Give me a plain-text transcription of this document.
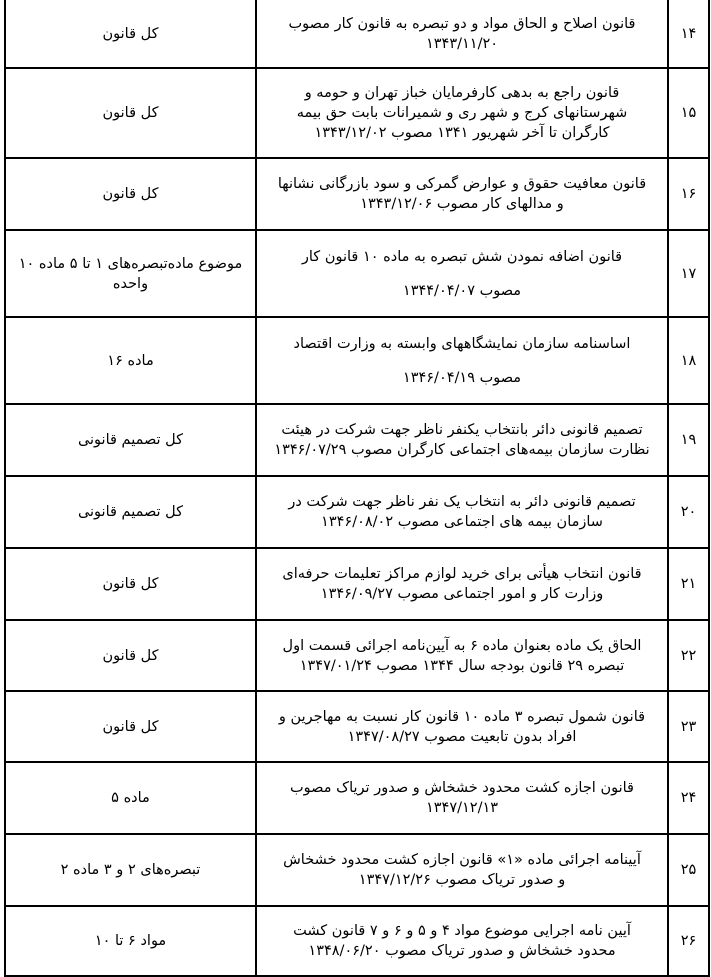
۱۴	قانون اصلاح و الحاق مواد و دو تبصره به قانون کار مصوب
۱۳۴۳/۱۱/۲۰	کل قانون
۱۵	قانون راجع به بدهی کارفرمایان خباز تهران و حومه و
شهرستانهای کرج و شهر ری و شمیرانات بابت حق بیمه
کارگران تا آخر شهریور ۱۳۴۱ مصوب ۱۳۴۳/۱۲/۰۲	کل قانون
۱۶	قانون معافیت حقوق و عوارض گمرکی و سود بازرگانی نشانها
و مدالهای کار مصوب ۱۳۴۳/۱۲/۰۶	کل قانون
۱۷	قانون اضافه نمودن شش تبصره به ماده ۱۰ قانون کار
مصوب ۱۳۴۴/۰۴/۰۷	موضوع ماده‌تبصره‌های ۱ تا ۵ ماده ۱۰ واحده
۱۸	اساسنامه سازمان نمایشگاههای وابسته به وزارت اقتصاد
مصوب ۱۳۴۶/۰۴/۱۹	ماده ۱۶
۱۹	تصمیم قانونی دائر بانتخاب یکنفر ناظر جهت شرکت در هیئت
نظارت سازمان بیمه‌های اجتماعی کارگران مصوب ۱۳۴۶/۰۷/۲۹	کل تصمیم قانونی
۲۰	تصمیم قانونی دائر به انتخاب یک نفر ناظر جهت شرکت در
سازمان بیمه های اجتماعی مصوب ۱۳۴۶/۰۸/۰۲	کل تصمیم قانونی
۲۱	قانون انتخاب هیأتی برای خرید لوازم مراکز تعلیمات حرفه‌ای
وزارت کار و امور اجتماعی مصوب ۱۳۴۶/۰۹/۲۷	کل قانون
۲۲	الحاق یک ماده بعنوان ماده ۶ به آیین‌نامه اجرائی قسمت اول
تبصره ۲۹ قانون بودجه سال ۱۳۴۴ مصوب ۱۳۴۷/۰۱/۲۴	کل قانون
۲۳	قانون شمول تبصره ۳ ماده ۱۰ قانون کار نسبت به مهاجرین و
افراد بدون تابعیت مصوب ۱۳۴۷/۰۸/۲۷	کل قانون
۲۴	قانون اجازه کشت محدود خشخاش و صدور تریاک مصوب
۱۳۴۷/۱۲/۱۳	ماده ۵
۲۵	آیینامه اجرائی ماده «۱» قانون اجازه کشت محدود خشخاش
و صدور تریاک مصوب ۱۳۴۷/۱۲/۲۶	تبصره‌های ۲ و ۳ ماده ۲
۲۶	آیین نامه اجرایی موضوع مواد ۴ و ۵ و ۶ و ۷ قانون کشت
محدود خشخاش و صدور تریاک مصوب ۱۳۴۸/۰۶/۲۰	مواد ۶ تا ۱۰
